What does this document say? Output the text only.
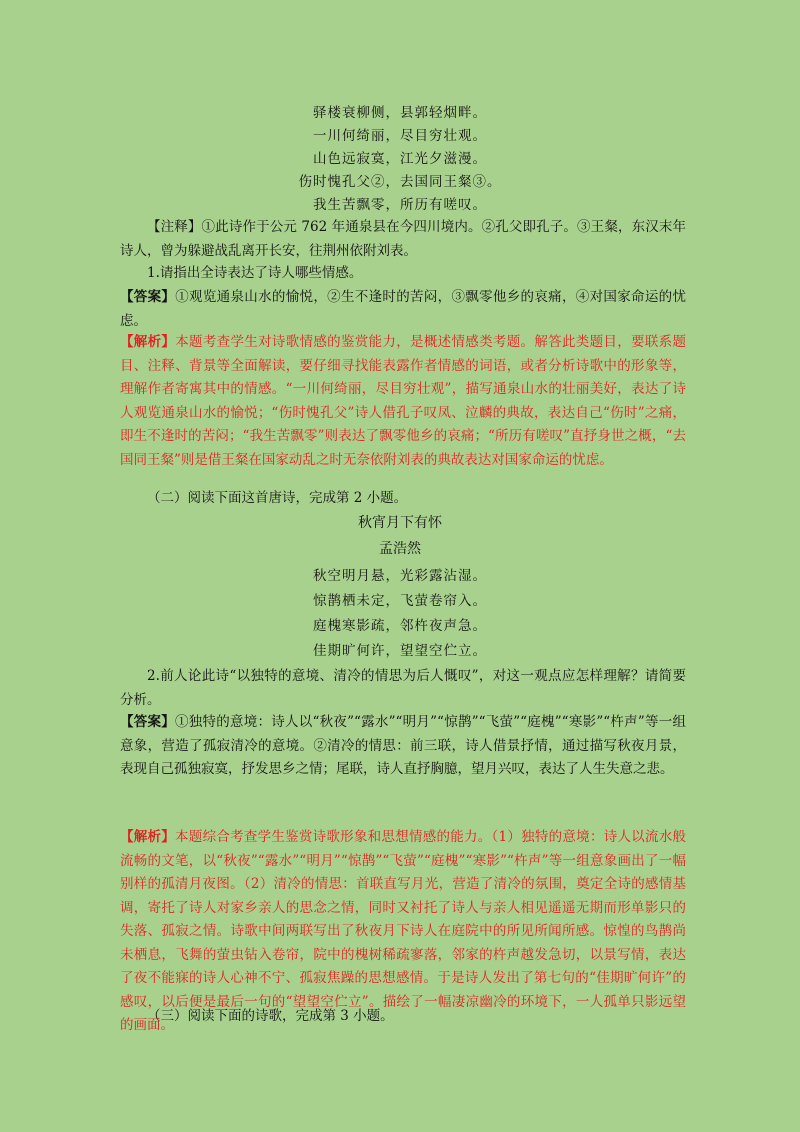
驿楼衰柳侧，县郭轻烟畔。
一川何绮丽，尽目穷壮观。
山色远寂寞，江光夕滋漫。
伤时愧孔父②，去国同王粲③。
我生苦飘零，所历有嗟叹。
【注释】①此诗作于公元 762 年通泉县在今四川境内。②孔父即孔子。③王粲，东汉末年诗人，曾为躲避战乱离开长安，往荆州依附刘表。
1.请指出全诗表达了诗人哪些情感。
【答案】①观览通泉山水的愉悦，②生不逢时的苦闷，③飘零他乡的哀痛，④对国家命运的忧虑。
【解析】本题考查学生对诗歌情感的鉴赏能力，是概述情感类考题。解答此类题目，要联系题目、注释、背景等全面解读，要仔细寻找能表露作者情感的词语，或者分析诗歌中的形象等，理解作者寄寓其中的情感。“一川何绮丽，尽目穷壮观”，描写通泉山水的壮丽美好，表达了诗人观览通泉山水的愉悦；“伤时愧孔父”诗人借孔子叹凤、泣麟的典故，表达自己“伤时”之痛，即生不逢时的苦闷；“我生苦飘零”则表达了飘零他乡的哀痛；“所历有嗟叹”直抒身世之概，“去国同王粲”则是借王粲在国家动乱之时无奈依附刘表的典故表达对国家命运的忧虑。
（二）阅读下面这首唐诗，完成第 2 小题。
秋宵月下有怀
孟浩然
秋空明月悬，光彩露沾湿。
惊鹊栖未定，飞萤卷帘入。
庭槐寒影疏，邻杵夜声急。
佳期旷何许，望望空伫立。
2.前人论此诗“以独特的意境、清冷的情思为后人慨叹”，对这一观点应怎样理解？请简要分析。
【答案】①独特的意境：诗人以“秋夜”“露水”“明月”“惊鹊”“飞萤”“庭槐”“寒影”“杵声”等一组意象，营造了孤寂清冷的意境。②清冷的情思：前三联，诗人借景抒情，通过描写秋夜月景，表现自己孤独寂寞，抒发思乡之情；尾联，诗人直抒胸臆，望月兴叹，表达了人生失意之悲。
【解析】本题综合考查学生鉴赏诗歌形象和思想情感的能力。（1）独特的意境：诗人以流水般流畅的文笔，以“秋夜”“露水”“明月”“惊鹊”“飞萤”“庭槐”“寒影”“杵声”等一组意象画出了一幅别样的孤清月夜图。（2）清冷的情思：首联直写月光，营造了清冷的氛围，奠定全诗的感情基调，寄托了诗人对家乡亲人的思念之情，同时又衬托了诗人与亲人相见遥遥无期而形单影只的失落、孤寂之情。诗歌中间两联写出了秋夜月下诗人在庭院中的所见所闻所感。惊惶的鸟鹊尚未栖息，飞舞的萤虫钻入卷帘，院中的槐树稀疏寥落，邻家的杵声越发急切，以景写情，表达了夜不能寐的诗人心神不宁、孤寂焦躁的思想感情。于是诗人发出了第七句的“佳期旷何许”的感叹，以后便是最后一句的“望望空伫立”。描绘了一幅凄凉幽冷的环境下，一人孤单只影远望的画面。
（三）阅读下面的诗歌，完成第 3 小题。
